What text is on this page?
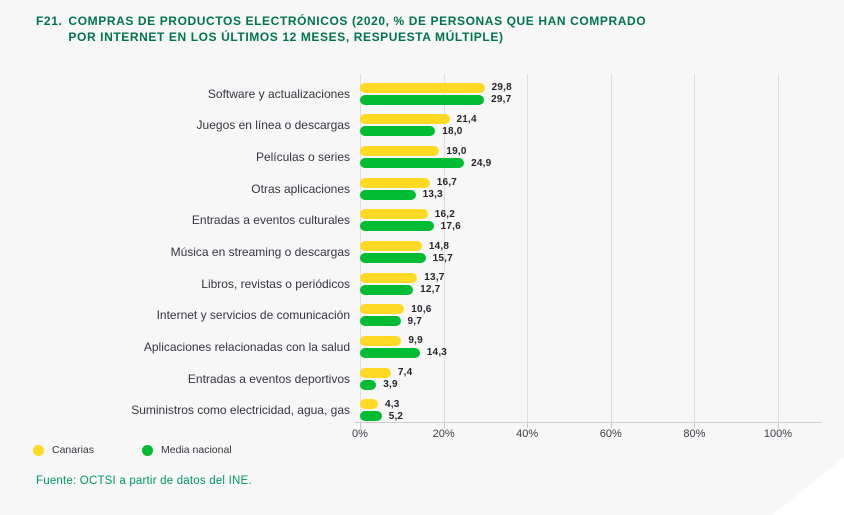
F21. COMPRAS DE PRODUCTOS ELECTRÓNICOS (2020, % DE PERSONAS QUE HAN COMPRADO
POR INTERNET EN LOS ÚLTIMOS 12 MESES, RESPUESTA MÚLTIPLE)
Software y actualizaciones	29,8
29,7
Juegos en línea o descargas	21,4
18,0
Películas o series	19,0
24,9
Otras aplicaciones	16,7
13,3
Entradas a eventos culturales	16,2
17,6
Música en streaming o descargas	14,8
15,7
Libros, revistas o periódicos	13,7
12,7
Internet y servicios de comunicación	10,6
9,7
Aplicaciones relacionadas con la salud	9,9
14,3
Entradas a eventos deportivos	7,4
3,9
Suministros como electricidad, agua, gas	4,3
5,2
0%	20%	40%	60%	80%	100%
Canarias	Media nacional
Fuente: OCTSI a partir de datos del INE.
